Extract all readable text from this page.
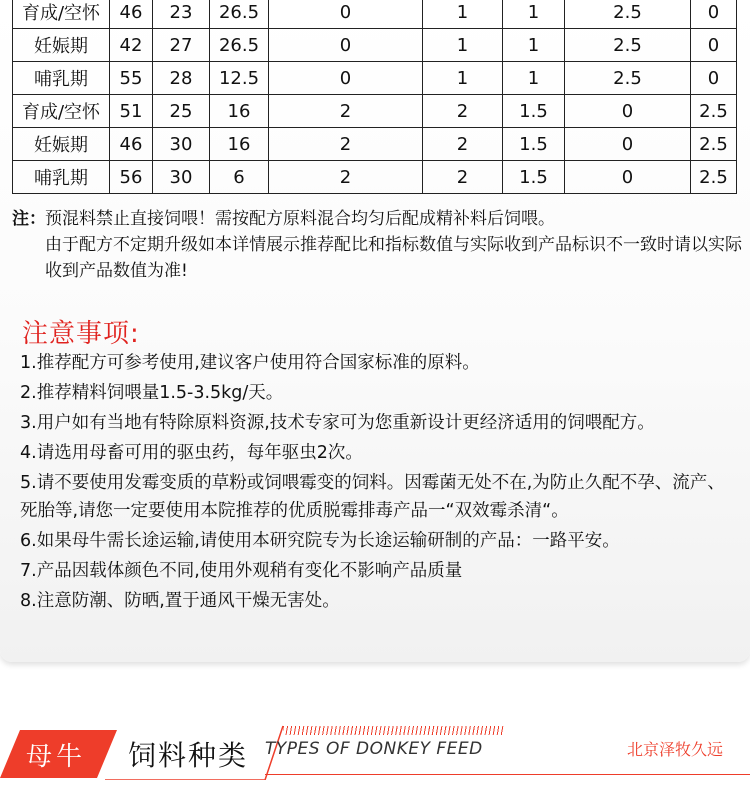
育成/空怀	46	23	26.5	0	1	1	2.5	0
妊娠期	42	27	26.5	0	1	1	2.5	0
哺乳期	55	28	12.5	0	1	1	2.5	0
育成/空怀	51	25	16	2	2	1.5	0	2.5
妊娠期	46	30	16	2	2	1.5	0	2.5
哺乳期	56	30	6	2	2	1.5	0	2.5
注： 预混料禁止直接饲喂！需按配方原料混合均匀后配成精补料后饲喂。
由于配方不定期升级如本详情展示推荐配比和指标数值与实际收到产品标识不一致时请以实际收到产品数值为准!
注意事项:
1.推荐配方可参考使用,建议客户使用符合国家标准的原料。
2.推荐精料饲喂量1.5-3.5kg/天。
3.用户如有当地有特除原料资源,技术专家可为您重新设计更经济适用的饲喂配方。
4.请选用母畜可用的驱虫药，每年驱虫2次。
5.请不要使用发霉变质的草粉或饲喂霉变的饲料。因霉菌无处不在,为防止久配不孕、流产、死胎等,请您一定要使用本院推荐的优质脱霉排毒产品一“双效霉杀清“。
6.如果母牛需长途运输,请使用本研究院专为长途运输研制的产品：一路平安。
7.产品因载体颜色不同,使用外观稍有变化不影响产品质量
8.注意防潮、防晒,置于通风干燥无害处。
母牛 饲料种类 TYPES OF DONKEY FEED	北京泽牧久远
